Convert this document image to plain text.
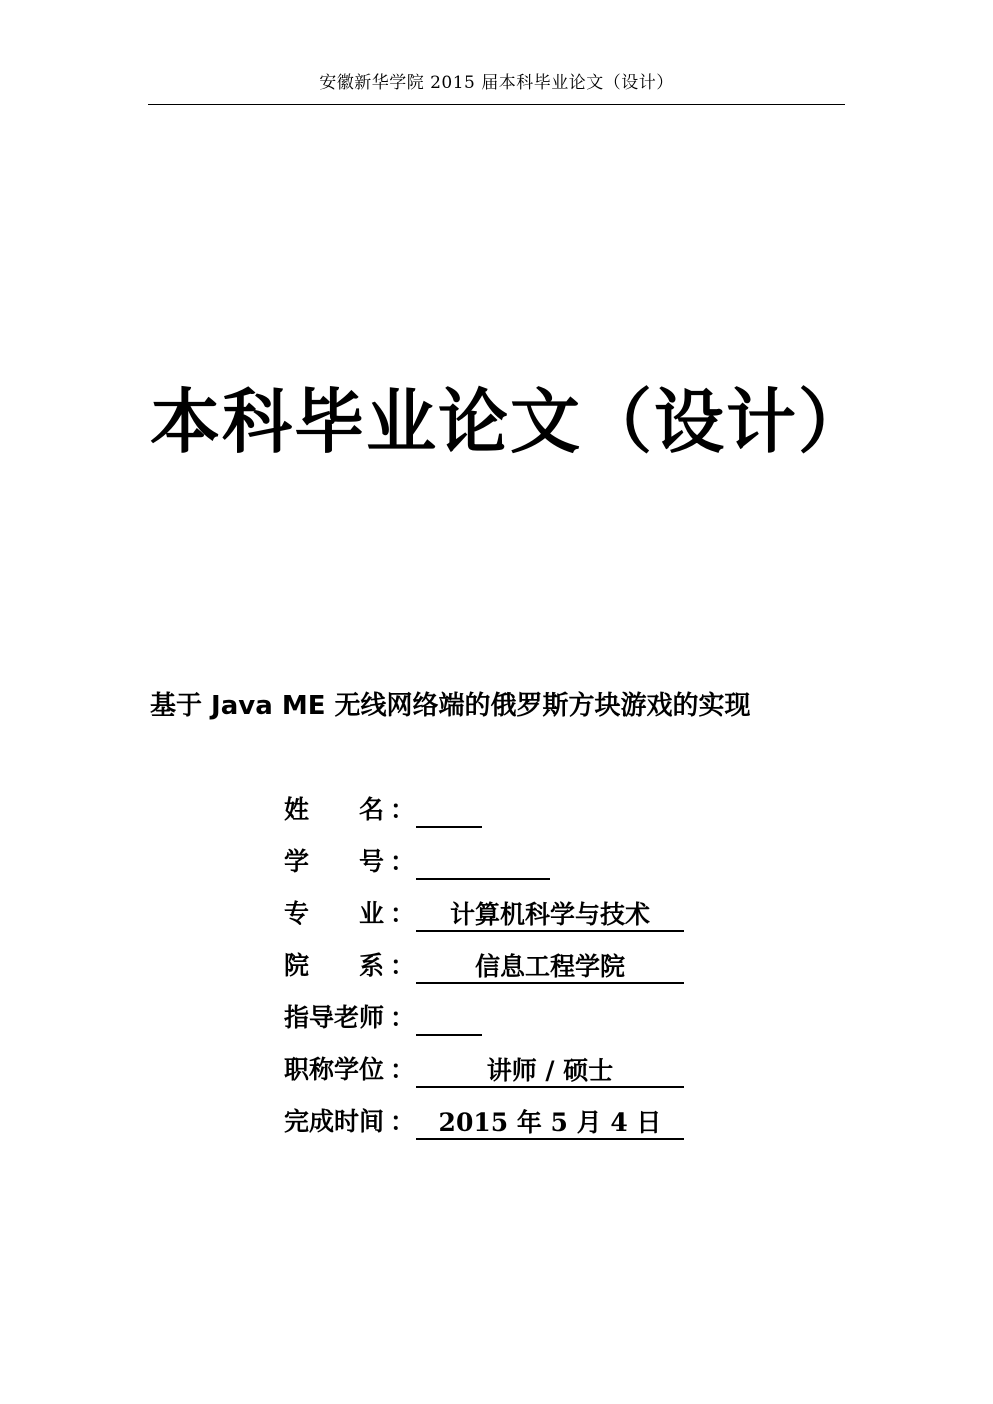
安徽新华学院 2015 届本科毕业论文（设计）
本科毕业论文（设计）
基于 Java ME 无线网络端的俄罗斯方块游戏的实现
姓 名 ：
学 号 ：
专 业 ：	计算机科学与技术
院 系 ：	信息工程学院
指导老师 ：
职称学位 ：	讲师 / 硕士
完成时间 ： 2015 年 5 月 4 日
